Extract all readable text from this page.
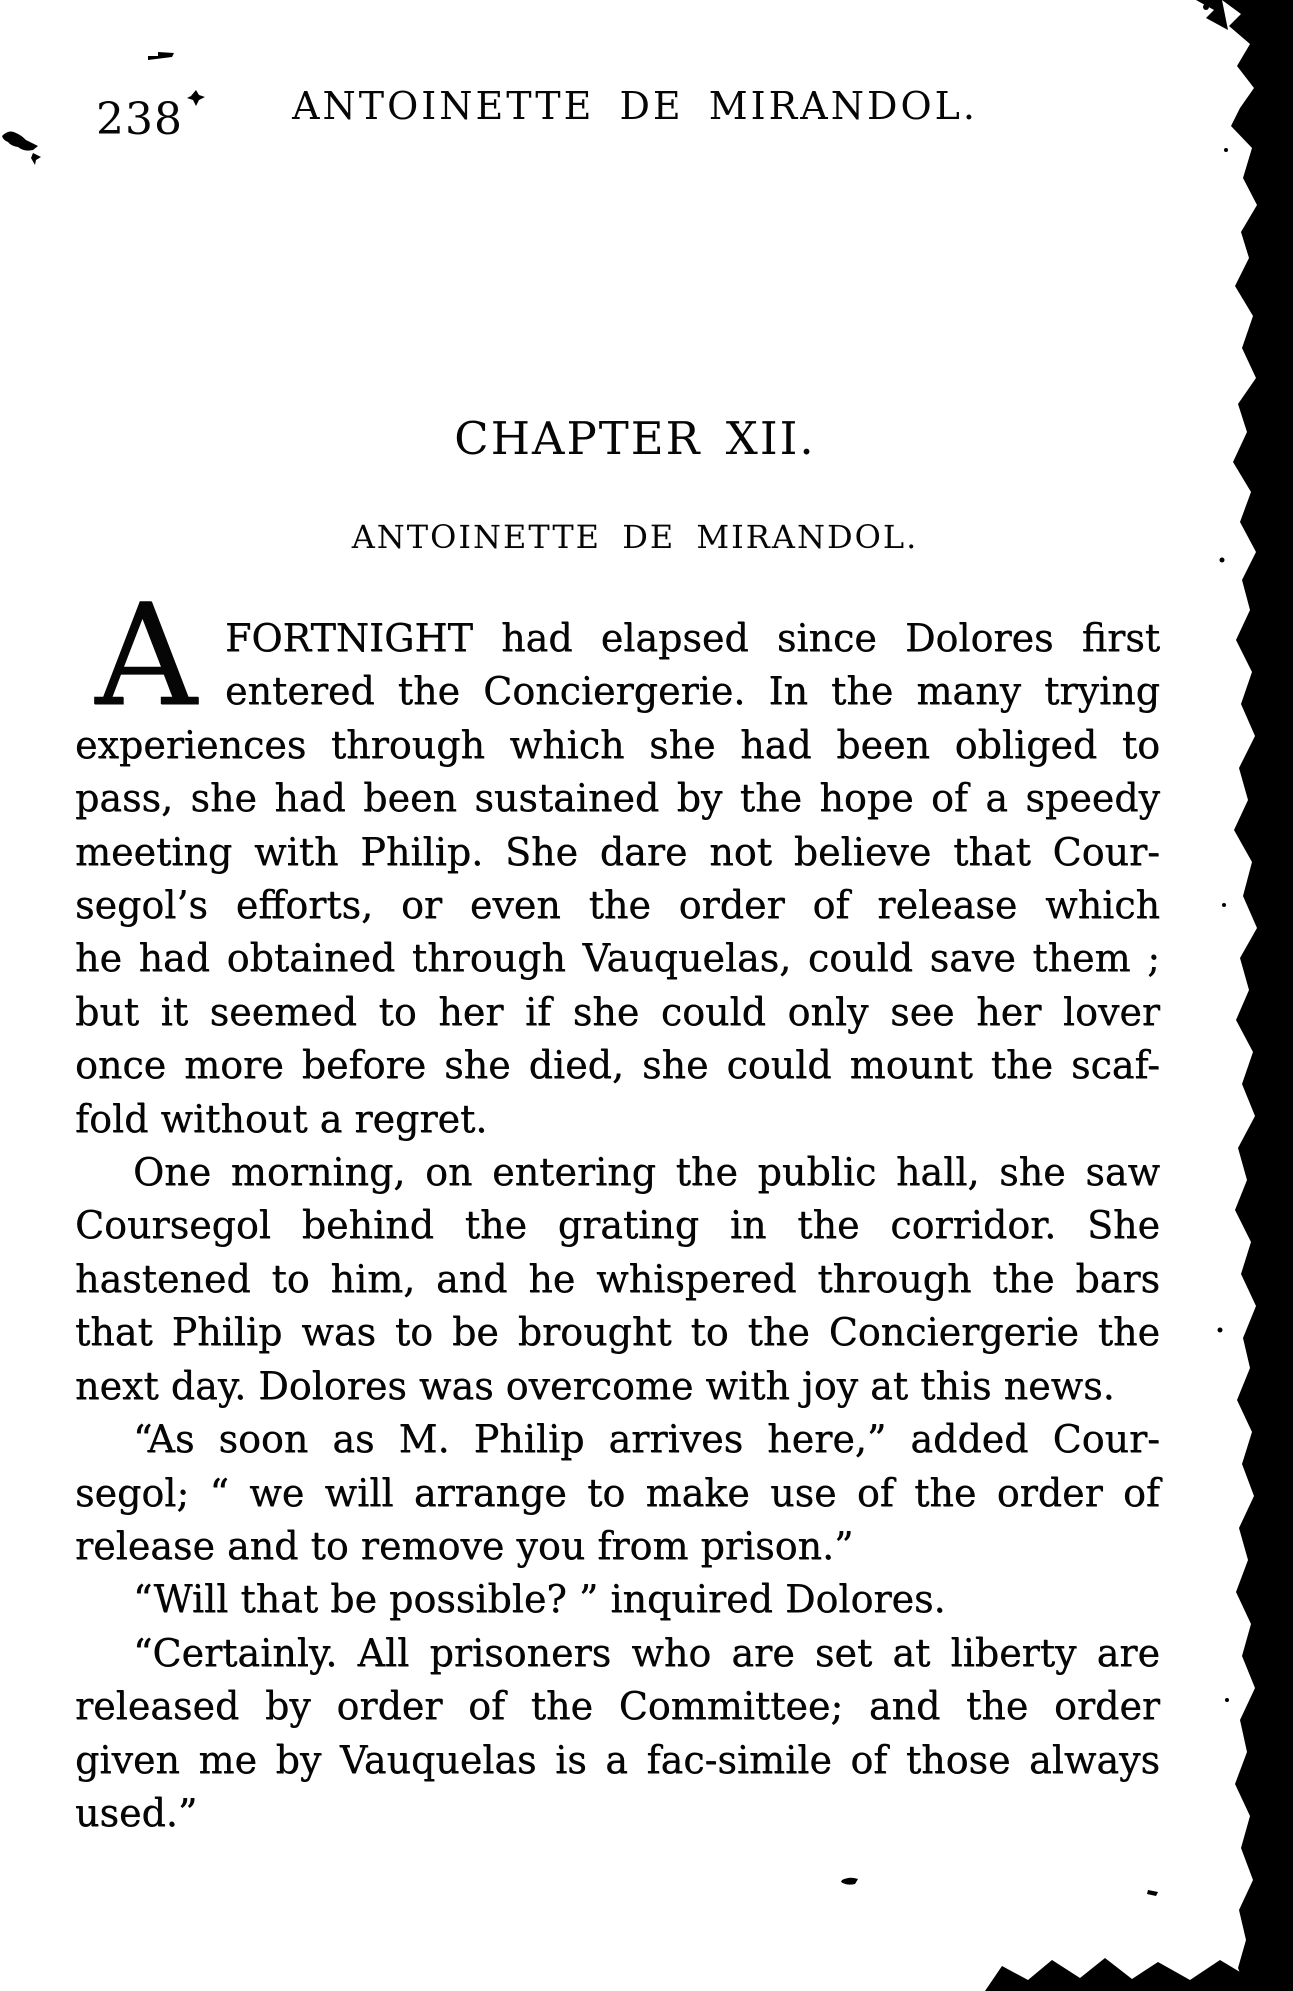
238	ANTOINETTE DE MIRANDOL.
CHAPTER XII.
ANTOINETTE DE MIRANDOL.
A FORTNIGHT had elapsed since Dolores first
entered the Conciergerie. In the many trying
experiences through which she had been obliged to
pass, she had been sustained by the hope of a speedy
meeting with Philip. She dare not believe that Cour-
segol’s efforts, or even the order of release which
he had obtained through Vauquelas, could save them ;
but it seemed to her if she could only see her lover
once more before she died, she could mount the scaf-
fold without a regret.
One morning, on entering the public hall, she saw
Coursegol behind the grating in the corridor. She
hastened to him, and he whispered through the bars
that Philip was to be brought to the Conciergerie the
next day. Dolores was overcome with joy at this news.
“As soon as M. Philip arrives here,” added Cour-
segol; “ we will arrange to make use of the order of
release and to remove you from prison.”
“Will that be possible? ” inquired Dolores.
“Certainly. All prisoners who are set at liberty are
released by order of the Committee; and the order
given me by Vauquelas is a fac-simile of those always
used.”
